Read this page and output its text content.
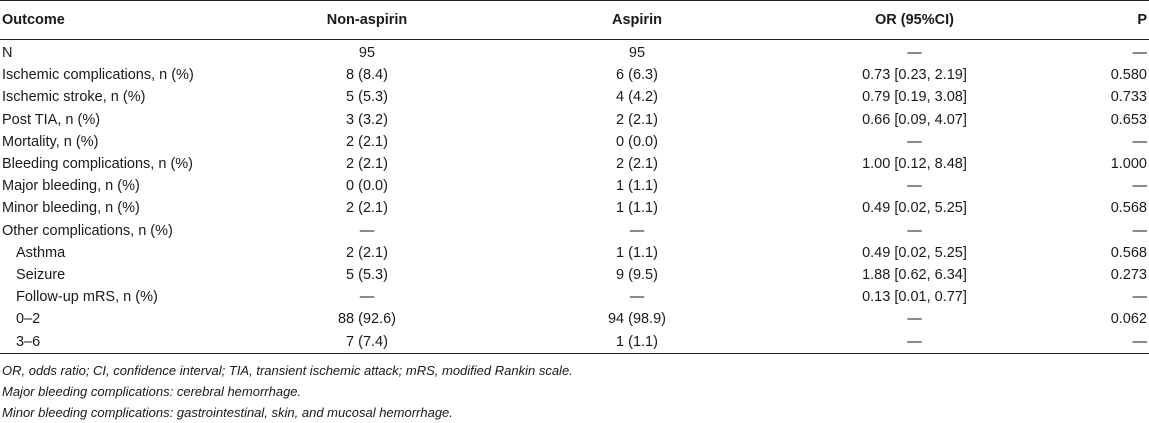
Outcome	Non-aspirin	Aspirin	OR (95%CI)	P
N	95	95	—	—
Ischemic complications, n (%)	8 (8.4)	6 (6.3)	0.73 [0.23, 2.19]	0.580
Ischemic stroke, n (%)	5 (5.3)	4 (4.2)	0.79 [0.19, 3.08]	0.733
Post TIA, n (%)	3 (3.2)	2 (2.1)	0.66 [0.09, 4.07]	0.653
Mortality, n (%)	2 (2.1)	0 (0.0)	—	—
Bleeding complications, n (%)	2 (2.1)	2 (2.1)	1.00 [0.12, 8.48]	1.000
Major bleeding, n (%)	0 (0.0)	1 (1.1)	—	—
Minor bleeding, n (%)	2 (2.1)	1 (1.1)	0.49 [0.02, 5.25]	0.568
Other complications, n (%)	—	—	—	—
Asthma	2 (2.1)	1 (1.1)	0.49 [0.02, 5.25]	0.568
Seizure	5 (5.3)	9 (9.5)	1.88 [0.62, 6.34]	0.273
Follow-up mRS, n (%)	—	—	0.13 [0.01, 0.77]	—
0–2	88 (92.6)	94 (98.9)	—	0.062
3–6	7 (7.4)	1 (1.1)	—	—
OR, odds ratio; CI, confidence interval; TIA, transient ischemic attack; mRS, modified Rankin scale.
Major bleeding complications: cerebral hemorrhage.
Minor bleeding complications: gastrointestinal, skin, and mucosal hemorrhage.
